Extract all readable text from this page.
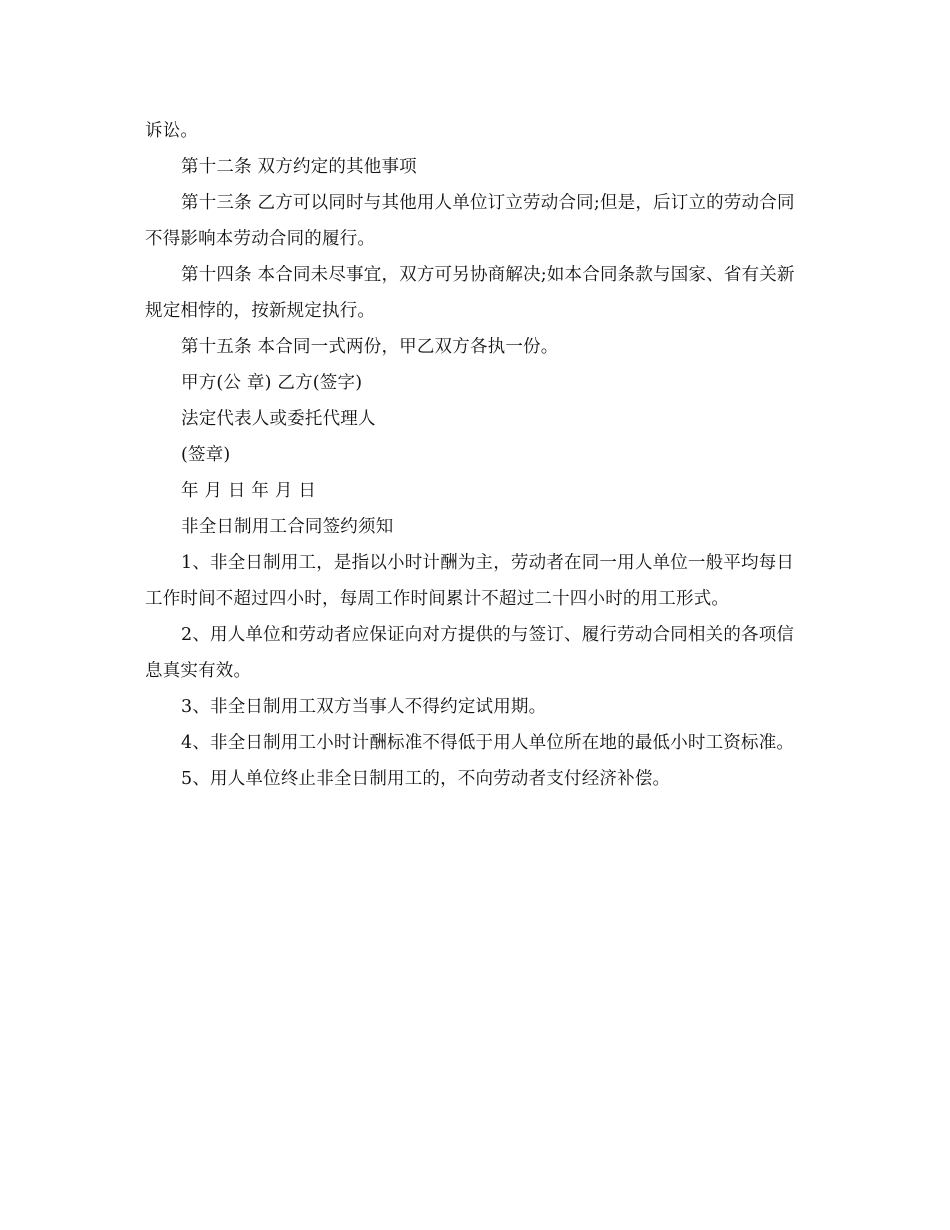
诉讼。

第十二条 双方约定的其他事项

第十三条 乙方可以同时与其他用人单位订立劳动合同;但是，后订立的劳动合同不得影响本劳动合同的履行。

第十四条 本合同未尽事宜，双方可另协商解决;如本合同条款与国家、省有关新规定相悖的，按新规定执行。

第十五条 本合同一式两份，甲乙双方各执一份。

甲方(公 章) 乙方(签字)

法定代表人或委托代理人

(签章)

年 月 日 年 月 日

非全日制用工合同签约须知

1、非全日制用工，是指以小时计酬为主，劳动者在同一用人单位一般平均每日工作时间不超过四小时，每周工作时间累计不超过二十四小时的用工形式。

2、用人单位和劳动者应保证向对方提供的与签订、履行劳动合同相关的各项信息真实有效。

3、非全日制用工双方当事人不得约定试用期。

4、非全日制用工小时计酬标准不得低于用人单位所在地的最低小时工资标准。

5、用人单位终止非全日制用工的，不向劳动者支付经济补偿。
